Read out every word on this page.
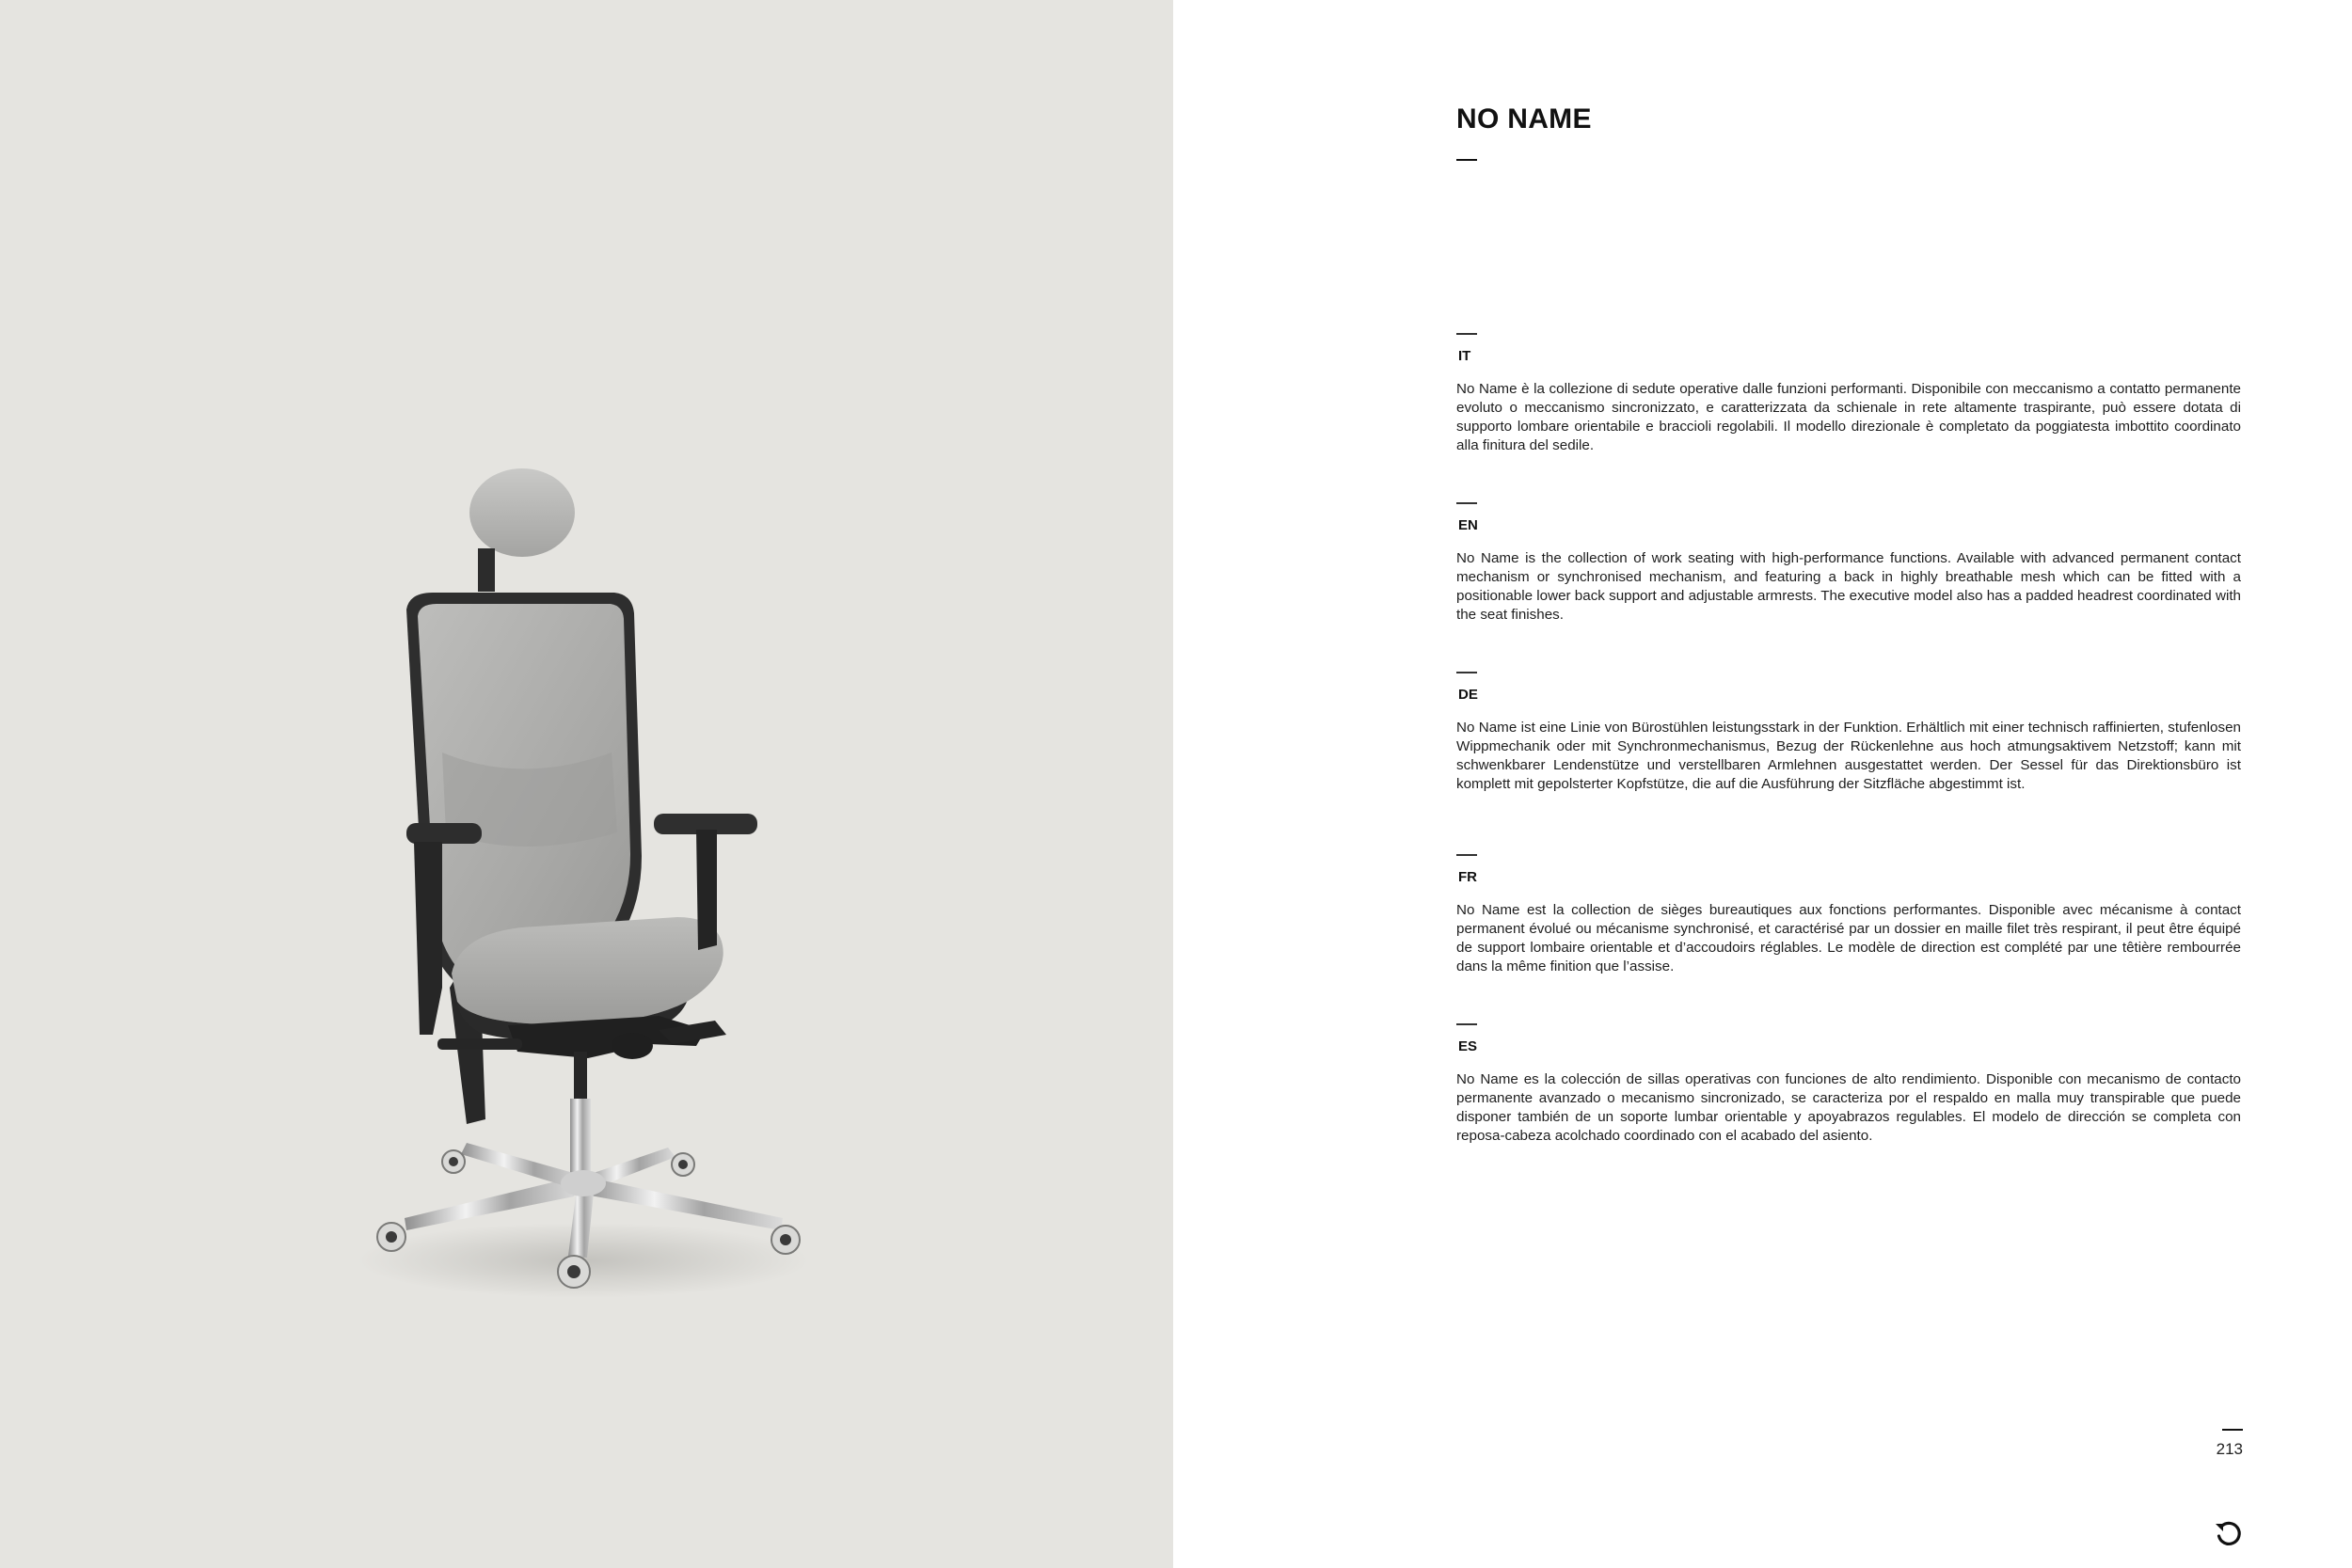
NO NAME
IT

No Name è la collezione di sedute operative dalle funzioni performanti. Disponibile con meccanismo a contatto permanente evoluto o meccanismo sincronizzato, e caratterizzata da schienale in rete altamente traspirante, può essere dotata di supporto lombare orientabile e braccioli regolabili. Il modello direzionale è completato da poggiatesta imbottito coordinato alla finitura del sedile.

EN

No Name is the collection of work seating with high-performance functions. Available with advanced permanent contact mechanism or synchronised mechanism, and featuring a back in highly breathable mesh which can be fitted with a positionable lower back support and adjustable armrests. The executive model also has a padded headrest coordinated with the seat finishes.

DE

No Name ist eine Linie von Bürostühlen leistungsstark in der Funktion. Erhältlich mit einer technisch raffinierten, stufenlosen Wippmechanik oder mit Synchronmechanismus, Bezug der Rückenlehne aus hoch atmungsaktivem Netzstoff; kann mit schwenkbarer Lendenstütze und verstellbaren Armlehnen ausgestattet werden. Der Sessel für das Direktionsbüro ist komplett mit gepolsterter Kopfstütze, die auf die Ausführung der Sitzfläche abgestimmt ist.

FR

No Name est la collection de sièges bureautiques aux fonctions performantes. Disponible avec mécanisme à contact permanent évolué ou mécanisme synchronisé, et caractérisé par un dossier en maille filet très respirant, il peut être équipé de support lombaire orientable et d’accoudoirs réglables. Le modèle de direction est complété par une têtière rembourrée dans la même finition que l’assise.

ES

No Name es la colección de sillas operativas con funciones de alto rendimiento. Disponible con mecanismo de contacto permanente avanzado o mecanismo sincronizado, se caracteriza por el respaldo en malla muy transpirable que puede disponer también de un soporte lumbar orientable y apoyabrazos regulables. El modelo de dirección se completa con reposa-cabeza acolchado coordinado con el acabado del asiento.

213
